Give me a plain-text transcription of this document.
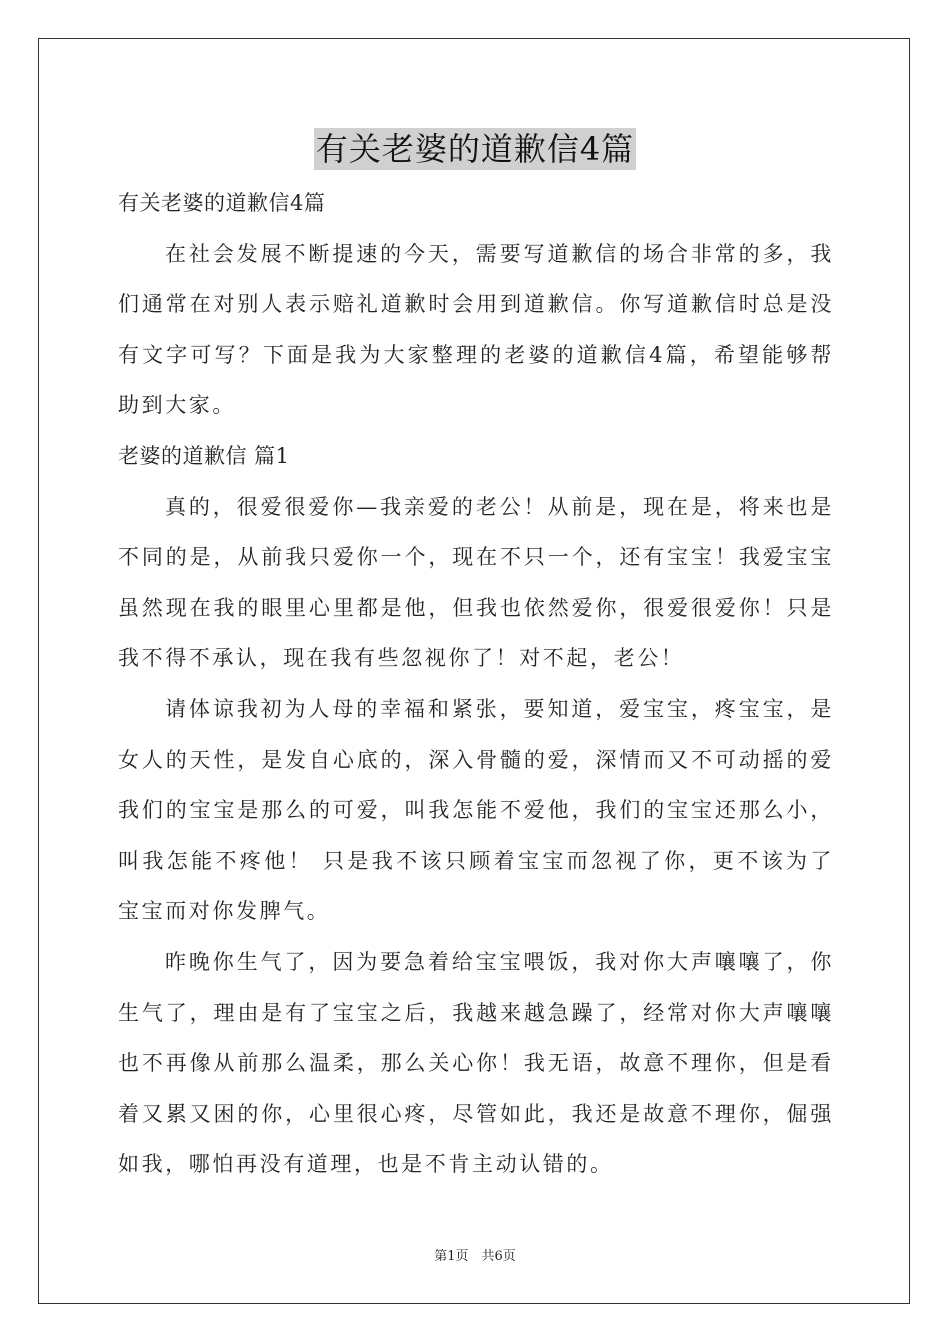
有关老婆的道歉信4篇

有关老婆的道歉信4篇

在社会发展不断提速的今天，需要写道歉信的场合非常的多，我们通常在对别人表示赔礼道歉时会用到道歉信。你写道歉信时总是没有文字可写？下面是我为大家整理的老婆的道歉信4篇，希望能够帮助到大家。

老婆的道歉信 篇1

真的，很爱很爱你—我亲爱的老公！从前是，现在是，将来也是不同的是，从前我只爱你一个，现在不只一个，还有宝宝！我爱宝宝虽然现在我的眼里心里都是他，但我也依然爱你，很爱很爱你！只是我不得不承认，现在我有些忽视你了！对不起，老公！

请体谅我初为人母的幸福和紧张，要知道，爱宝宝，疼宝宝，是女人的天性，是发自心底的，深入骨髓的爱，深情而又不可动摇的爱我们的宝宝是那么的可爱，叫我怎能不爱他，我们的宝宝还那么小，叫我怎能不疼他！ 只是我不该只顾着宝宝而忽视了你，更不该为了宝宝而对你发脾气。

昨晚你生气了，因为要急着给宝宝喂饭，我对你大声嚷嚷了，你生气了，理由是有了宝宝之后，我越来越急躁了，经常对你大声嚷嚷也不再像从前那么温柔，那么关心你！我无语，故意不理你，但是看着又累又困的你，心里很心疼，尽管如此，我还是故意不理你，倔强如我，哪怕再没有道理，也是不肯主动认错的。

第1页　共6页
